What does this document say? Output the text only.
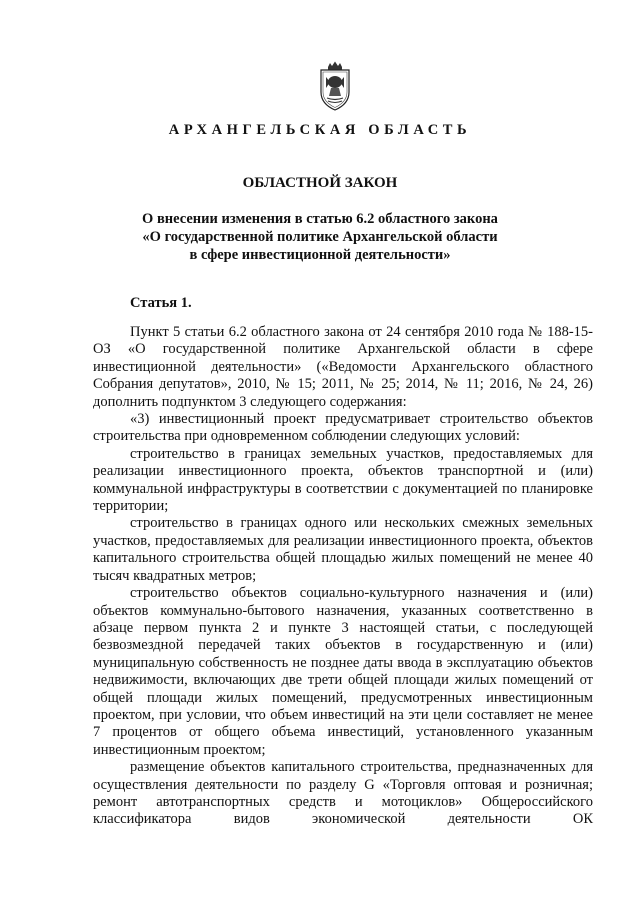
АРХАНГЕЛЬСКАЯ ОБЛАСТЬ
ОБЛАСТНОЙ ЗАКОН
О внесении изменения в статью 6.2 областного закона
«О государственной политике Архангельской области
в сфере инвестиционной деятельности»
Статья 1.

Пункт 5 статьи 6.2 областного закона от 24 сентября 2010 года № 188-15-ОЗ «О государственной политике Архангельской области в сфере инвестиционной деятельности» («Ведомости Архангельского областного Собрания депутатов», 2010, № 15; 2011, № 25; 2014, № 11; 2016, № 24, 26) дополнить подпунктом 3 следующего содержания:

«3) инвестиционный проект предусматривает строительство объектов строительства при одновременном соблюдении следующих условий:

строительство в границах земельных участков, предоставляемых для реализации инвестиционного проекта, объектов транспортной и (или) коммунальной инфраструктуры в соответствии с документацией по планировке территории;

строительство в границах одного или нескольких смежных земельных участков, предоставляемых для реализации инвестиционного проекта, объектов капитального строительства общей площадью жилых помещений не менее 40 тысяч квадратных метров;

строительство объектов социально-культурного назначения и (или) объектов коммунально-бытового назначения, указанных соответственно в абзаце первом пункта 2 и пункте 3 настоящей статьи, с последующей безвозмездной передачей таких объектов в государственную и (или) муниципальную собственность не позднее даты ввода в эксплуатацию объектов недвижимости, включающих две трети общей площади жилых помещений от общей площади жилых помещений, предусмотренных инвестиционным проектом, при условии, что объем инвестиций на эти цели составляет не менее 7 процентов от общего объема инвестиций, установленного указанным инвестиционным проектом;

размещение объектов капитального строительства, предназначенных для осуществления деятельности по разделу G «Торговля оптовая и розничная; ремонт автотранспортных средств и мотоциклов» Общероссийского классификатора видов экономической деятельности ОК
